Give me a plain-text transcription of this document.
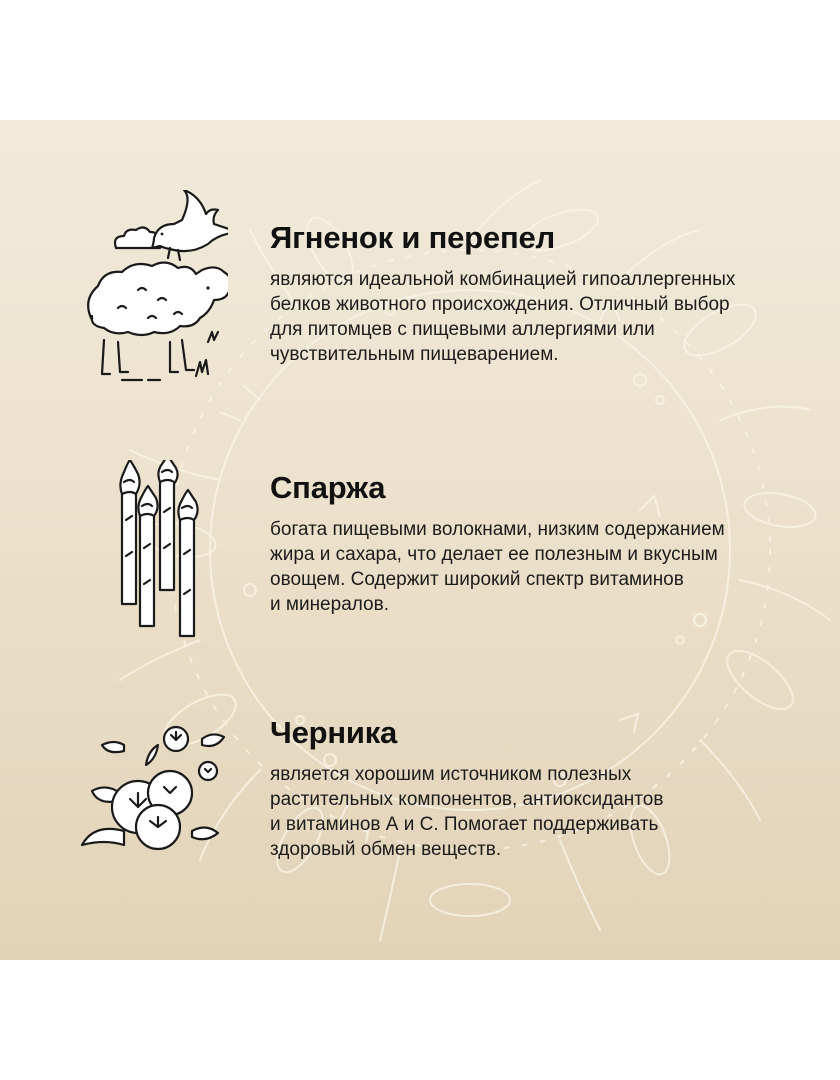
Ягненок и перепел

являются идеальной комбинацией гипоаллергенных
белков животного происхождения. Отличный выбор
для питомцев с пищевыми аллергиями или
чувствительным пищеварением.

Спаржа

богата пищевыми волокнами, низким содержанием
жира и сахара, что делает ее полезным и вкусным
овощем. Содержит широкий спектр витаминов
и минералов.

Черника

является хорошим источником полезных
растительных компонентов, антиоксидантов
и витаминов А и С. Помогает поддерживать
здоровый обмен веществ.
